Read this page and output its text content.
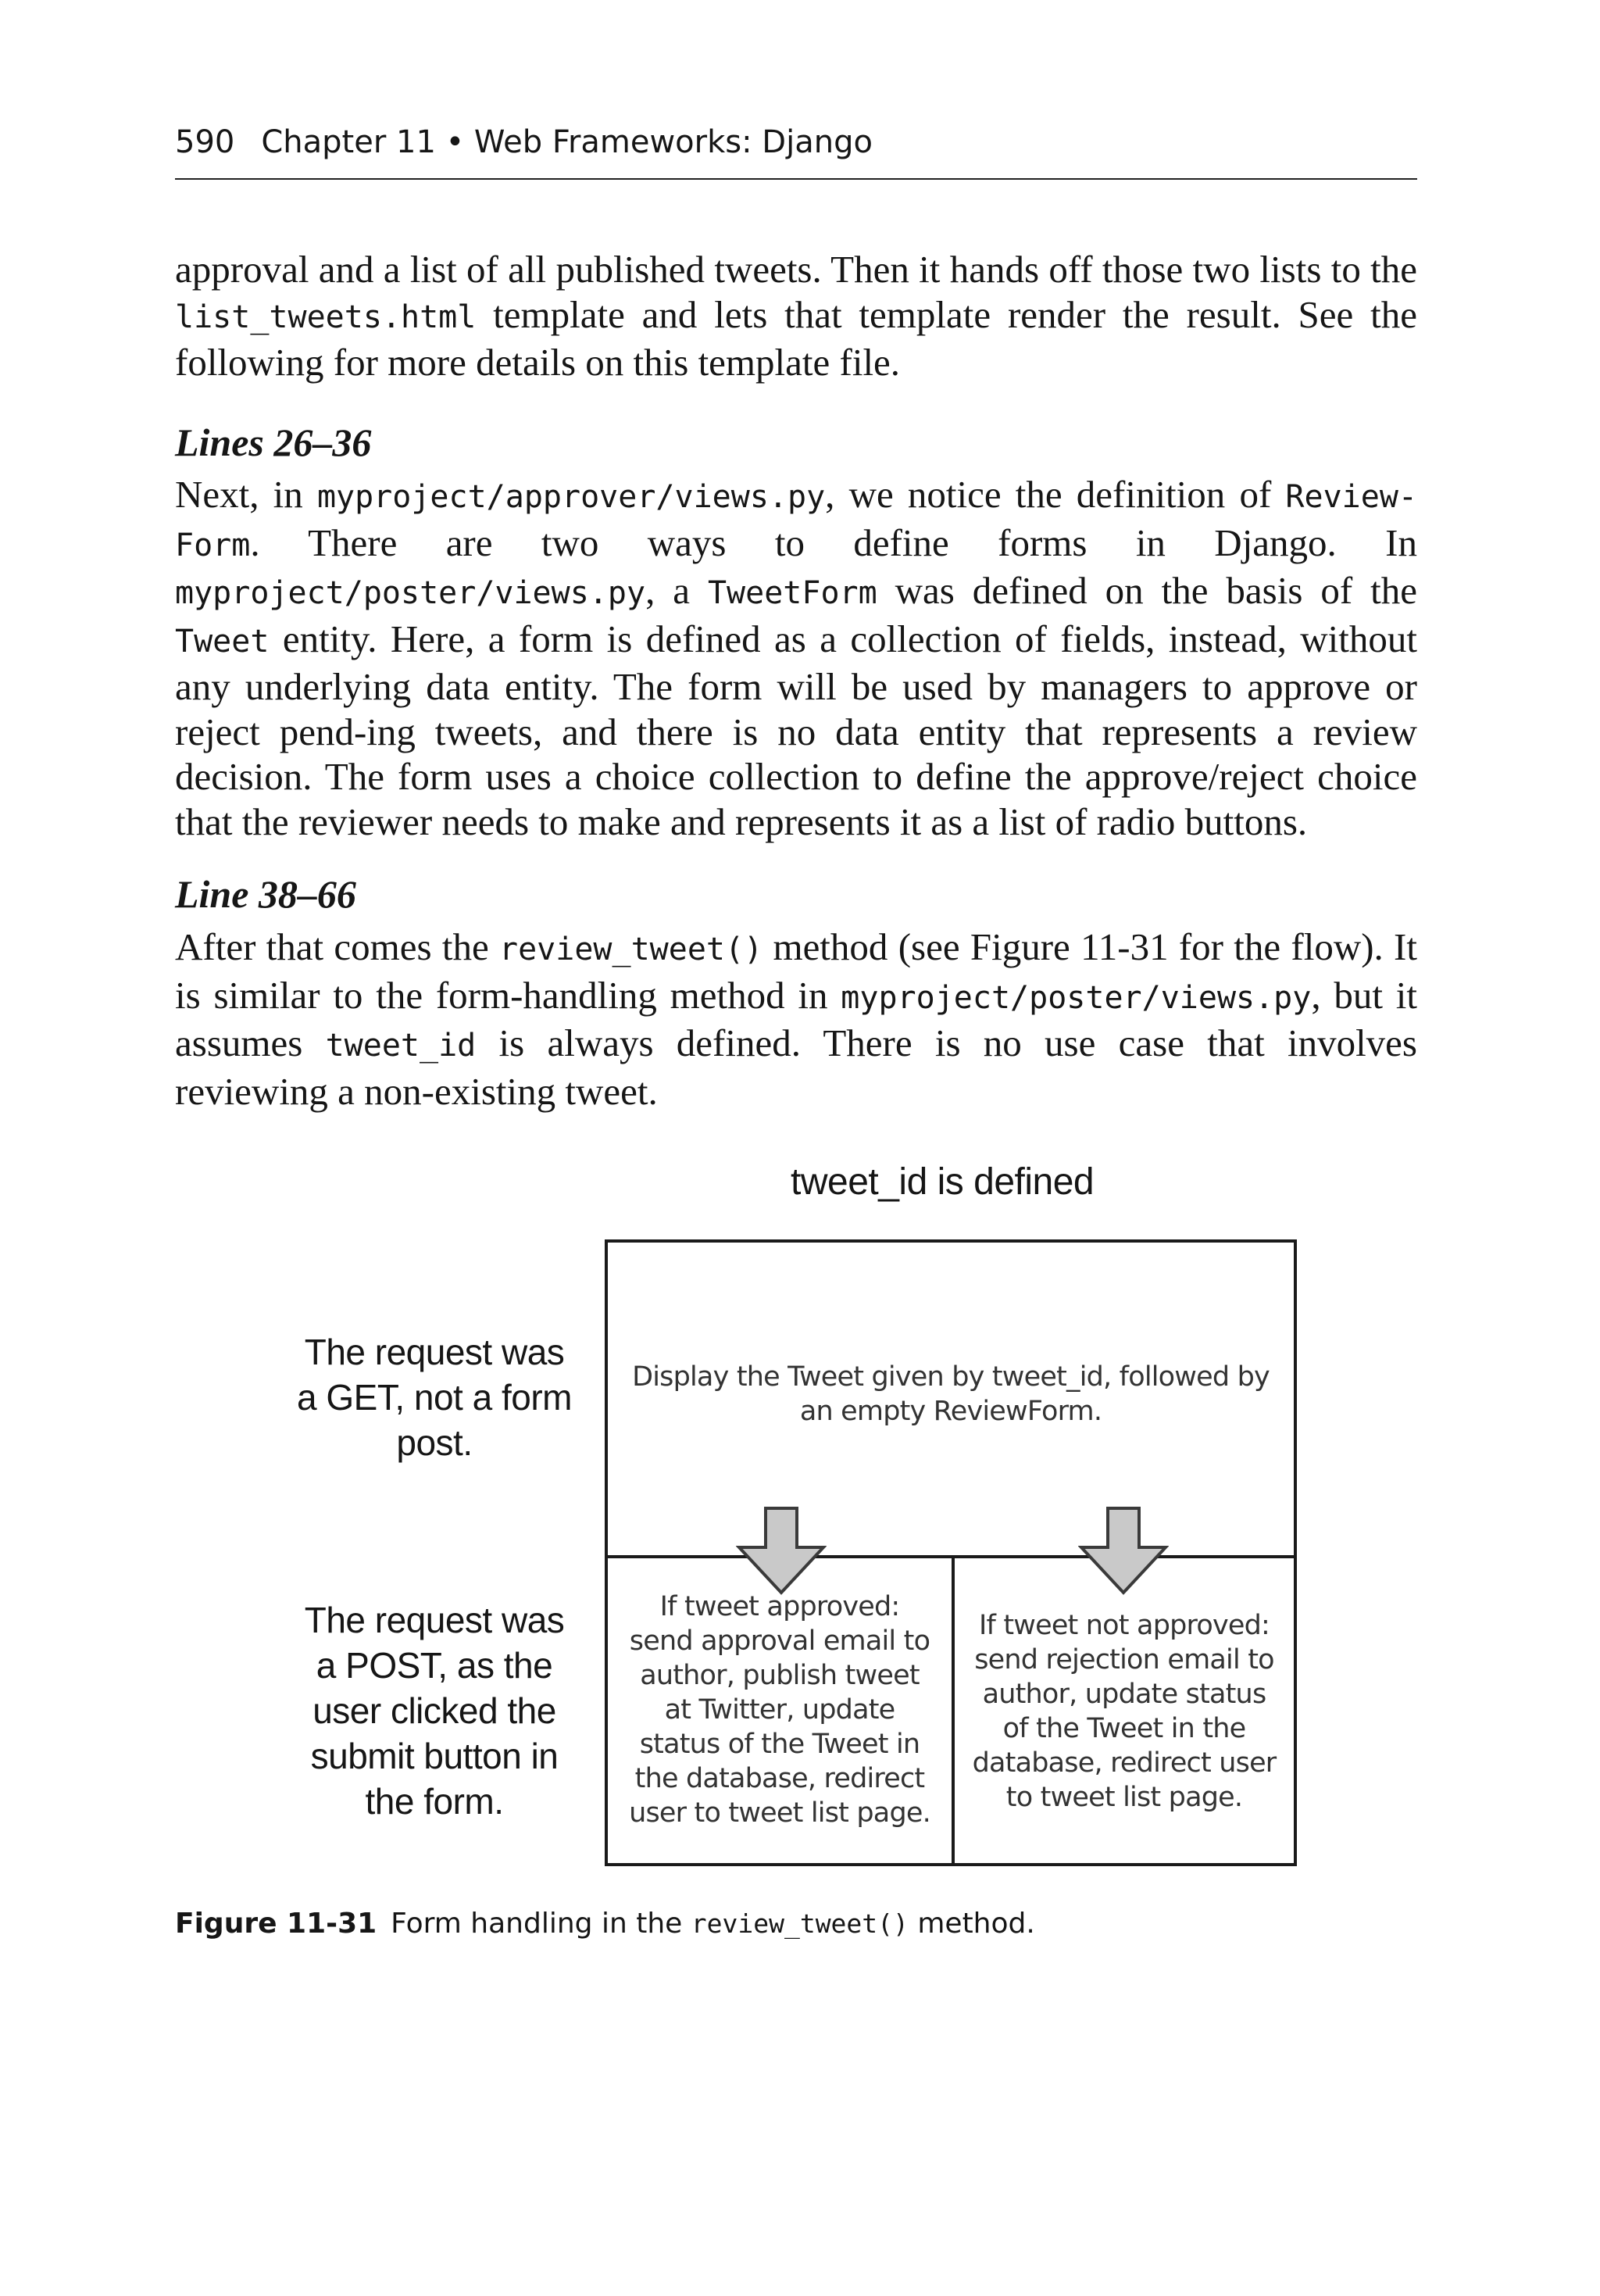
590 Chapter 11 • Web Frameworks: Django

approval and a list of all published tweets. Then it hands off those two lists to the list_tweets.html template and lets that template render the result. See the following for more details on this template file.

Lines 26–36

Next, in myproject/approver/views.py, we notice the definition of Review-Form. There are two ways to define forms in Django. In myproject/poster/views.py, a TweetForm was defined on the basis of the Tweet entity. Here, a form is defined as a collection of fields, instead, without any underlying data entity. The form will be used by managers to approve or reject pend-ing tweets, and there is no data entity that represents a review decision. The form uses a choice collection to define the approve/reject choice that the reviewer needs to make and represents it as a list of radio buttons.

Line 38–66

After that comes the review_tweet() method (see Figure 11-31 for the flow). It is similar to the form-handling method in myproject/poster/views.py, but it assumes tweet_id is always defined. There is no use case that involves reviewing a non-existing tweet.

tweet_id is defined
The request was
a GET, not a form
post.
The request was
a POST, as the
user clicked the
submit button in
the form.
Display the Tweet given by tweet_id, followed by
an empty ReviewForm.
If tweet approved:
send approval email to
author, publish tweet
at Twitter, update
status of the Tweet in
the database, redirect
user to tweet list page.
If tweet not approved:
send rejection email to
author, update status
of the Tweet in the
database, redirect user
to tweet list page.
Figure 11-31 Form handling in the review_tweet() method.
